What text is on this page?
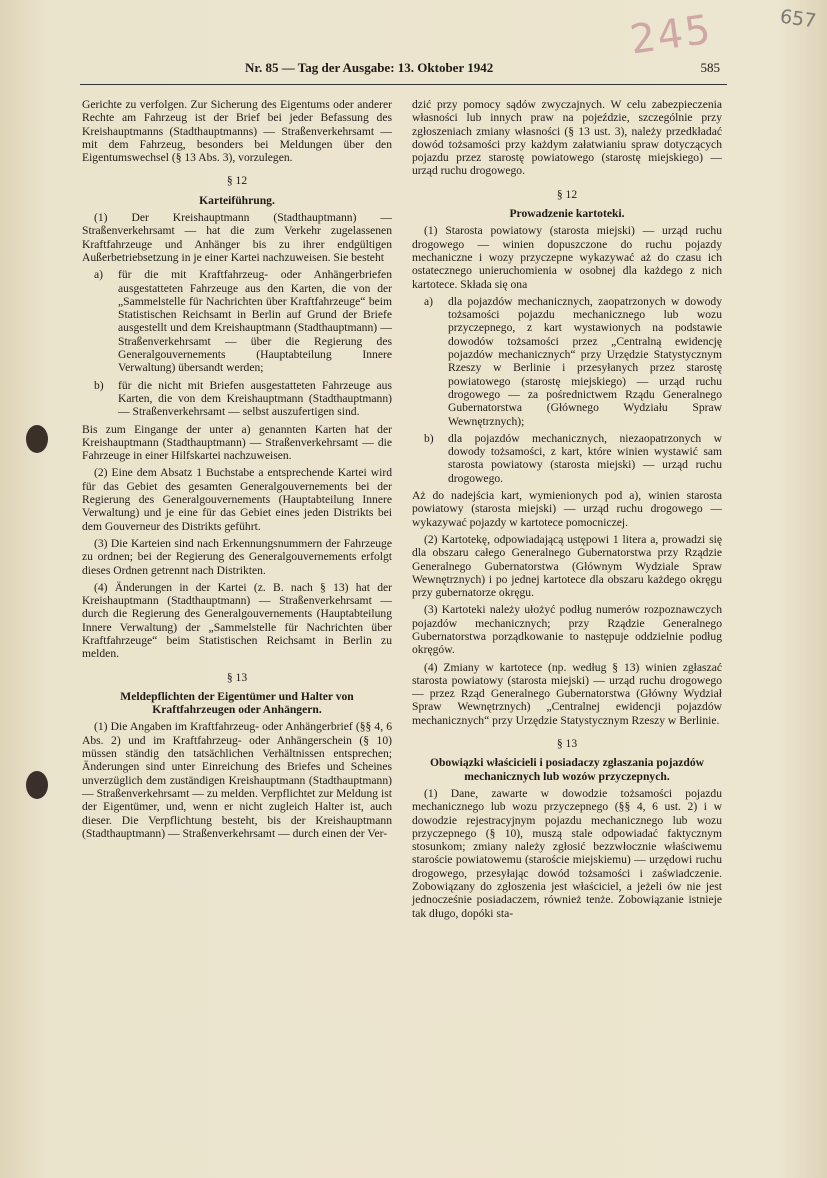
245	657
Nr. 85 — Tag der Ausgabe: 13. Oktober 1942	585

Gerichte zu verfolgen. Zur Sicherung des Eigentums oder anderer Rechte am Fahrzeug ist der Brief bei jeder Befassung des Kreishauptmanns (Stadthauptmanns) — Straßenverkehrsamt — mit dem Fahrzeug, besonders bei Meldungen über den Eigentumswechsel (§ 13 Abs. 3), vorzulegen.

§ 12
Karteiführung.

(1) Der Kreishauptmann (Stadthauptmann) — Straßenverkehrsamt — hat die zum Verkehr zugelassenen Kraftfahrzeuge und Anhänger bis zu ihrer endgültigen Außerbetriebsetzung in je einer Kartei nachzuweisen. Sie besteht

a)	für die mit Kraftfahrzeug- oder Anhängerbriefen ausgestatteten Fahrzeuge aus den Karten, die von der „Sammelstelle für Nachrichten über Kraftfahrzeuge“ beim Statistischen Reichsamt in Berlin auf Grund der Briefe ausgestellt und dem Kreishauptmann (Stadthauptmann) — Straßenverkehrsamt — über die Regierung des Generalgouvernements (Hauptabteilung Innere Verwaltung) übersandt werden;
b)	für die nicht mit Briefen ausgestatteten Fahrzeuge aus Karten, die von dem Kreishauptmann (Stadthauptmann) — Straßenverkehrsamt — selbst auszufertigen sind.

Bis zum Eingange der unter a) genannten Karten hat der Kreishauptmann (Stadthauptmann) — Straßenverkehrsamt — die Fahrzeuge in einer Hilfskartei nachzuweisen.

(2) Eine dem Absatz 1 Buchstabe a entsprechende Kartei wird für das Gebiet des gesamten Generalgouvernements bei der Regierung des Generalgouvernements (Hauptabteilung Innere Verwaltung) und je eine für das Gebiet eines jeden Distrikts bei dem Gouverneur des Distrikts geführt.

(3) Die Karteien sind nach Erkennungsnummern der Fahrzeuge zu ordnen; bei der Regierung des Generalgouvernements erfolgt dieses Ordnen getrennt nach Distrikten.

(4) Änderungen in der Kartei (z. B. nach § 13) hat der Kreishauptmann (Stadthauptmann) — Straßenverkehrsamt — durch die Regierung des Generalgouvernements (Hauptabteilung Innere Verwaltung) der „Sammelstelle für Nachrichten über Kraftfahrzeuge“ beim Statistischen Reichsamt in Berlin zu melden.

§ 13
Meldepflichten der Eigentümer und Halter von Kraftfahrzeugen oder Anhängern.

(1) Die Angaben im Kraftfahrzeug- oder Anhängerbrief (§§ 4, 6 Abs. 2) und im Kraftfahrzeug- oder Anhängerschein (§ 10) müssen ständig den tatsächlichen Verhältnissen entsprechen; Änderungen sind unter Einreichung des Briefes und Scheines unverzüglich dem zuständigen Kreishauptmann (Stadthauptmann) — Straßenverkehrsamt — zu melden. Verpflichtet zur Meldung ist der Eigentümer, und, wenn er nicht zugleich Halter ist, auch dieser. Die Verpflichtung besteht, bis der Kreishauptmann (Stadthauptmann) — Straßenverkehrsamt — durch einen der Ver-

dzić przy pomocy sądów zwyczajnych. W celu zabezpieczenia własności lub innych praw na pojeździe, szczególnie przy zgłoszeniach zmiany własności (§ 13 ust. 3), należy przedkładać dowód tożsamości przy każdym załatwianiu spraw dotyczących pojazdu przez starostę powiatowego (starostę miejskiego) — urząd ruchu drogowego.

§ 12
Prowadzenie kartoteki.

(1) Starosta powiatowy (starosta miejski) — urząd ruchu drogowego — winien dopuszczone do ruchu pojazdy mechaniczne i wozy przyczepne wykazywać aż do czasu ich ostatecznego unieruchomienia w osobnej dla każdego z nich kartotece. Składa się ona

a)	dla pojazdów mechanicznych, zaopatrzonych w dowody tożsamości pojazdu mechanicznego lub wozu przyczepnego, z kart wystawionych na podstawie dowodów tożsamości przez „Centralną ewidencję pojazdów mechanicznych“ przy Urzędzie Statystycznym Rzeszy w Berlinie i przesyłanych przez starostę powiatowego (starostę miejskiego) — urząd ruchu drogowego — za pośrednictwem Rządu Generalnego Gubernatorstwa (Głównego Wydziału Spraw Wewnętrznych);
b)	dla pojazdów mechanicznych, niezaopatrzonych w dowody tożsamości, z kart, które winien wystawić sam starosta powiatowy (starosta miejski) — urząd ruchu drogowego.

Aż do nadejścia kart, wymienionych pod a), winien starosta powiatowy (starosta miejski) — urząd ruchu drogowego — wykazywać pojazdy w kartotece pomocniczej.

(2) Kartotekę, odpowiadającą ustępowi 1 litera a, prowadzi się dla obszaru całego Generalnego Gubernatorstwa przy Rządzie Generalnego Gubernatorstwa (Głównym Wydziale Spraw Wewnętrznych) i po jednej kartotece dla obszaru każdego okręgu przy gubernatorze okręgu.

(3) Kartoteki należy ułożyć podług numerów rozpoznawczych pojazdów mechanicznych; przy Rządzie Generalnego Gubernatorstwa porządkowanie to następuje oddzielnie podług okręgów.

(4) Zmiany w kartotece (np. według § 13) winien zgłaszać starosta powiatowy (starosta miejski) — urząd ruchu drogowego — przez Rząd Generalnego Gubernatorstwa (Główny Wydział Spraw Wewnętrznych) „Centralnej ewidencji pojazdów mechanicznych“ przy Urzędzie Statystycznym Rzeszy w Berlinie.

§ 13
Obowiązki właścicieli i posiadaczy zgłaszania pojazdów mechanicznych lub wozów przyczepnych.

(1) Dane, zawarte w dowodzie tożsamości pojazdu mechanicznego lub wozu przyczepnego (§§ 4, 6 ust. 2) i w dowodzie rejestracyjnym pojazdu mechanicznego lub wozu przyczepnego (§ 10), muszą stale odpowiadać faktycznym stosunkom; zmiany należy zgłosić bezzwłocznie właściwemu staroście powiatowemu (staroście miejskiemu) — urzędowi ruchu drogowego, przesyłając dowód tożsamości i zaświadczenie. Zobowiązany do zgłoszenia jest właściciel, a jeżeli ów nie jest jednocześnie posiadaczem, również tenże. Zobowiązanie istnieje tak długo, dopóki sta-
